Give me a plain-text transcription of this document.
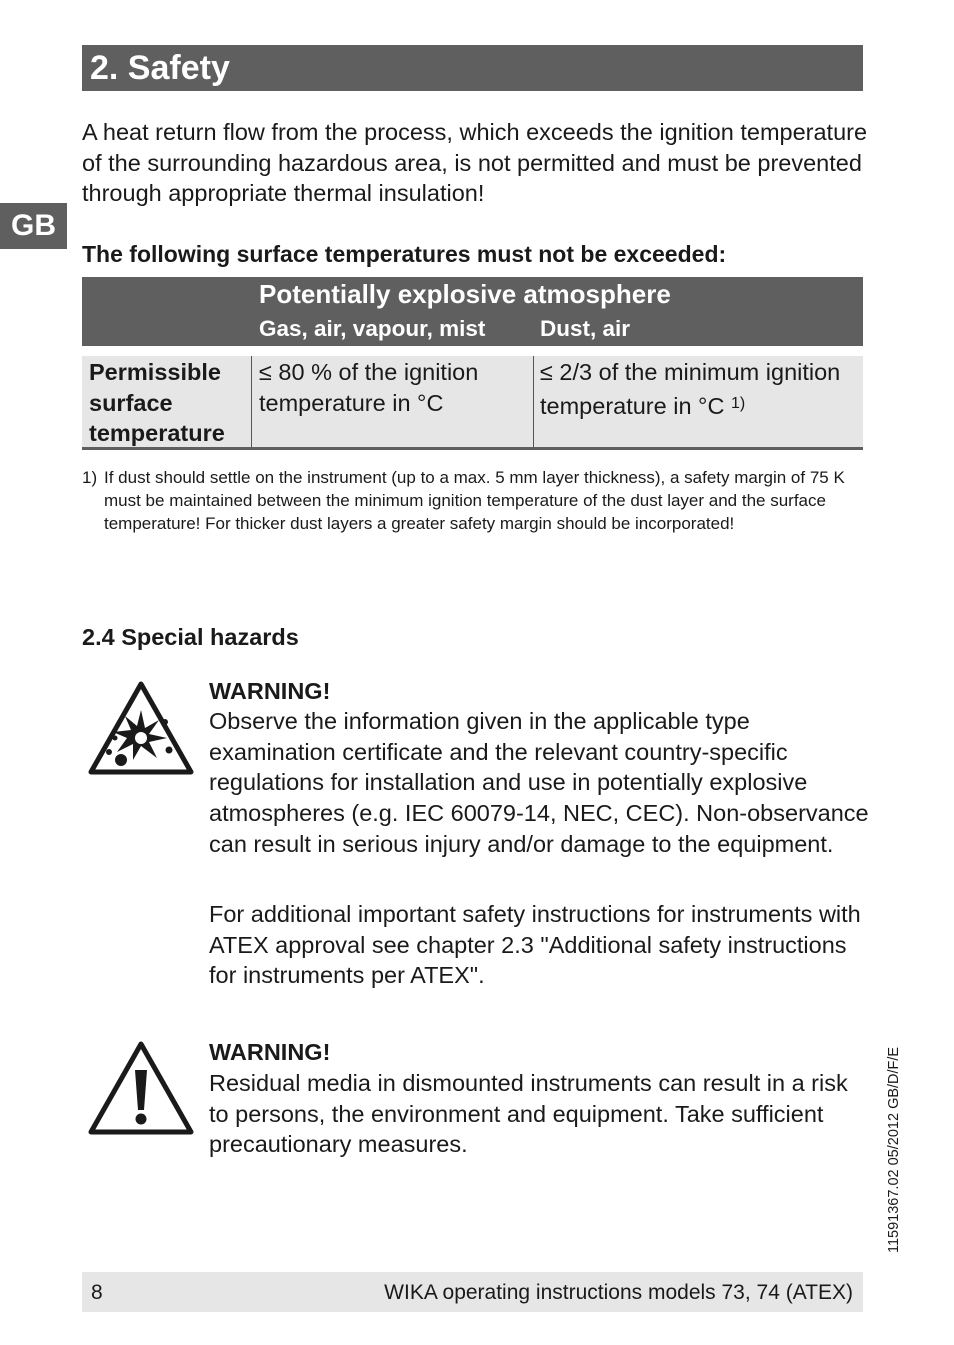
2. Safety
GB
A heat return flow from the process, which exceeds the ignition temperature of the surrounding hazardous area, is not permitted and must be prevented through appropriate thermal insulation!
The following surface temperatures must not be exceeded:
Potentially explosive atmosphere
Gas, air, vapour, mist Dust, air
Permissible surface temperature
≤ 80 % of the ignition temperature in °C
≤ 2/3 of the minimum ignition temperature in °C $^{1)}$
1) If dust should settle on the instrument (up to a max. 5 mm layer thickness), a safety margin of 75 K must be maintained between the minimum ignition temperature of the dust layer and the surface temperature! For thicker dust layers a greater safety margin should be incorporated!
2.4 Special hazards
WARNING!
Observe the information given in the applicable type examination certificate and the relevant country-specific regulations for installation and use in potentially explosive atmospheres (e.g. IEC 60079-14, NEC, CEC). Non-observance can result in serious injury and/or damage to the equipment.
For additional important safety instructions for instruments with ATEX approval see chapter 2.3 "Additional safety instructions for instruments per ATEX".
WARNING!
Residual media in dismounted instruments can result in a risk to persons, the environment and equipment. Take sufficient precautionary measures.	11591367.02 05/2012 GB/D/F/E
8	WIKA operating instructions models 73, 74 (ATEX)
